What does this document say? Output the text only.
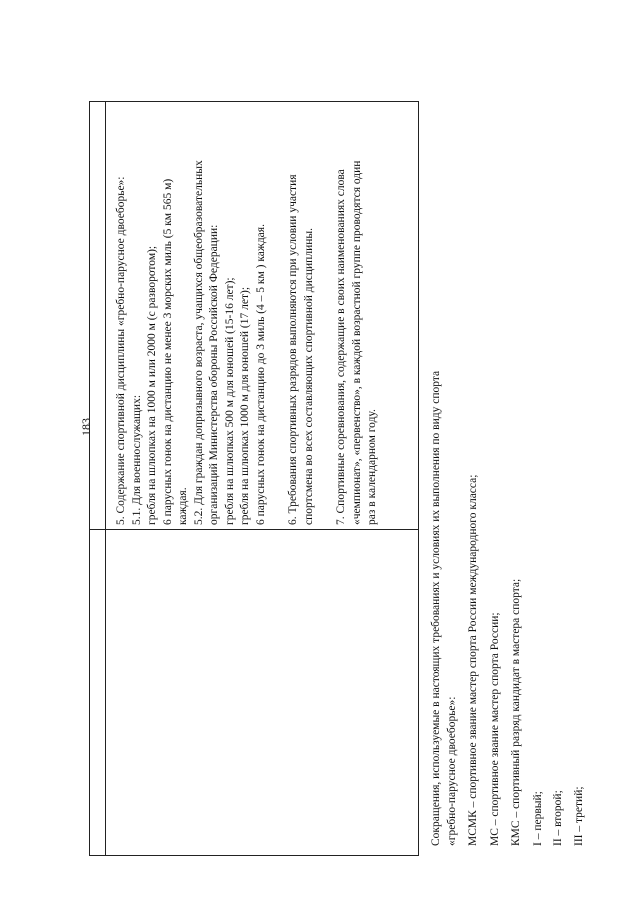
183 5. Содержание спортивной дисциплины «гребно-парусное двоеборье»: 5.1. Для военнослужащих: гребля на шлюпках на 1000 м или 2000 м (с разворотом); 6 парусных гонок на дистанцию не менее 3 морских миль (5 км 565 м) каждая. 5.2. Для граждан допризывного возраста, учащихся общеобразовательных организаций Министерства обороны Российской Федерации: гребля на шлюпках 500 м для юношей (15-16 лет); гребля на шлюпках 1000 м для юношей (17 лет); 6 парусных гонок на дистанцию до 3 миль (4 – 5 км ) каждая. 6. Требования спортивных разрядов выполняются при условии участия спортсмена во всех составляющих спортивной дисциплины. 7. Спортивные соревнования, содержащие в своих наименованиях слова «чемпионат», «первенство», в каждой возрастной группе проводятся один раз в календарном году.	Сокращения, используемые в настоящих требованиях и условиях их выполнения по виду спорта «гребно-парусное двоеборье»: МСМК – спортивное звание мастер спорта России международного класса; МС – спортивное звание мастер спорта России; КМС – спортивный разряд кандидат в мастера спорта; I – первый; II – второй; III – третий;
